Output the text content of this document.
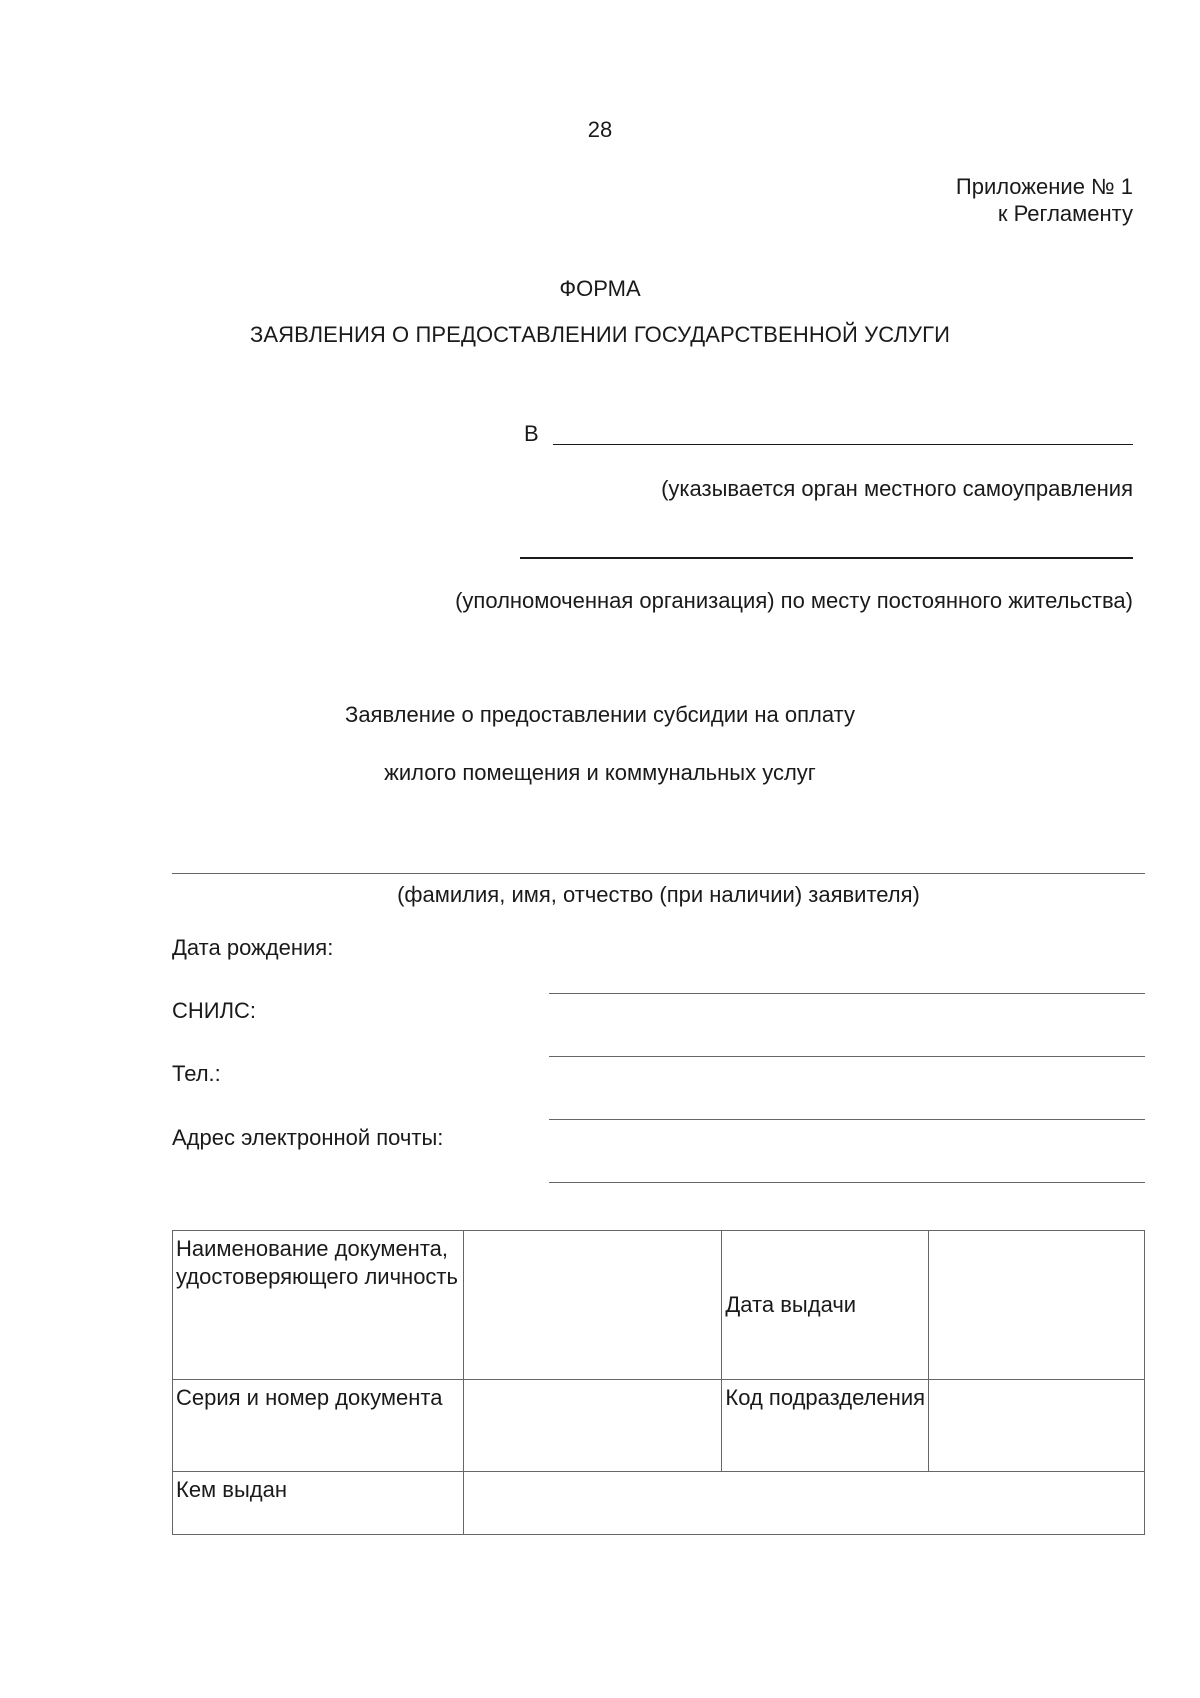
28
Приложение № 1
к Регламенту
ФОРМА
ЗАЯВЛЕНИЯ О ПРЕДОСТАВЛЕНИИ ГОСУДАРСТВЕННОЙ УСЛУГИ
В
(указывается орган местного самоуправления
(уполномоченная организация) по месту постоянного жительства)
Заявление о предоставлении субсидии на оплату
жилого помещения и коммунальных услуг
(фамилия, имя, отчество (при наличии) заявителя)
Дата рождения:
СНИЛС:
Тел.:
Адрес электронной почты:
Наименование документа, удостоверяющего личность		Дата выдачи	
Серия и номер документа		Код подразделения	
Кем выдан			
